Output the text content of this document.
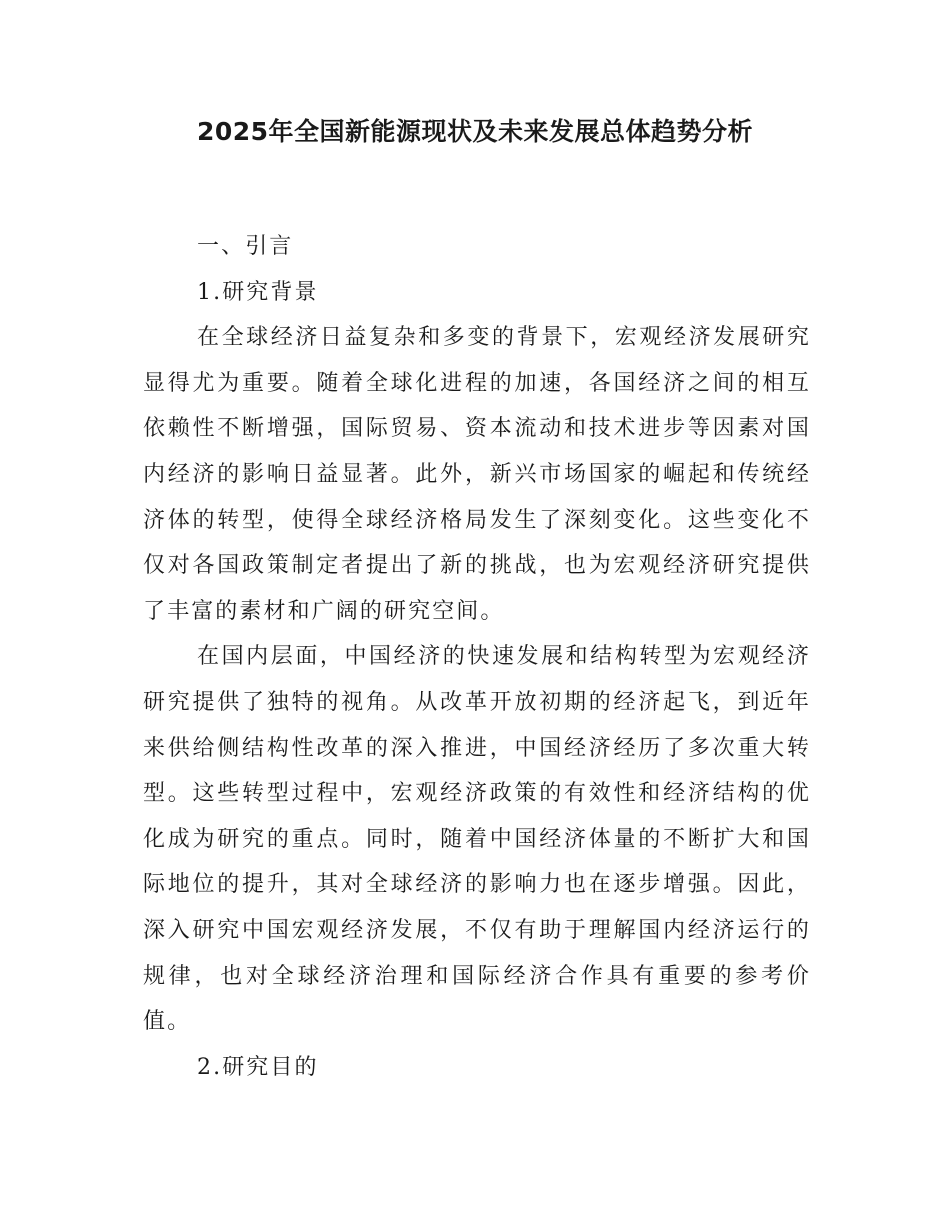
2025年全国新能源现状及未来发展总体趋势分析

一、引言

1.研究背景

在全球经济日益复杂和多变的背景下，宏观经济发展研究显得尤为重要。随着全球化进程的加速，各国经济之间的相互依赖性不断增强，国际贸易、资本流动和技术进步等因素对国内经济的影响日益显著。此外，新兴市场国家的崛起和传统经济体的转型，使得全球经济格局发生了深刻变化。这些变化不仅对各国政策制定者提出了新的挑战，也为宏观经济研究提供了丰富的素材和广阔的研究空间。

在国内层面，中国经济的快速发展和结构转型为宏观经济研究提供了独特的视角。从改革开放初期的经济起飞，到近年来供给侧结构性改革的深入推进，中国经济经历了多次重大转型。这些转型过程中，宏观经济政策的有效性和经济结构的优化成为研究的重点。同时，随着中国经济体量的不断扩大和国际地位的提升，其对全球经济的影响力也在逐步增强。因此，深入研究中国宏观经济发展，不仅有助于理解国内经济运行的规律，也对全球经济治理和国际经济合作具有重要的参考价值。

2.研究目的
